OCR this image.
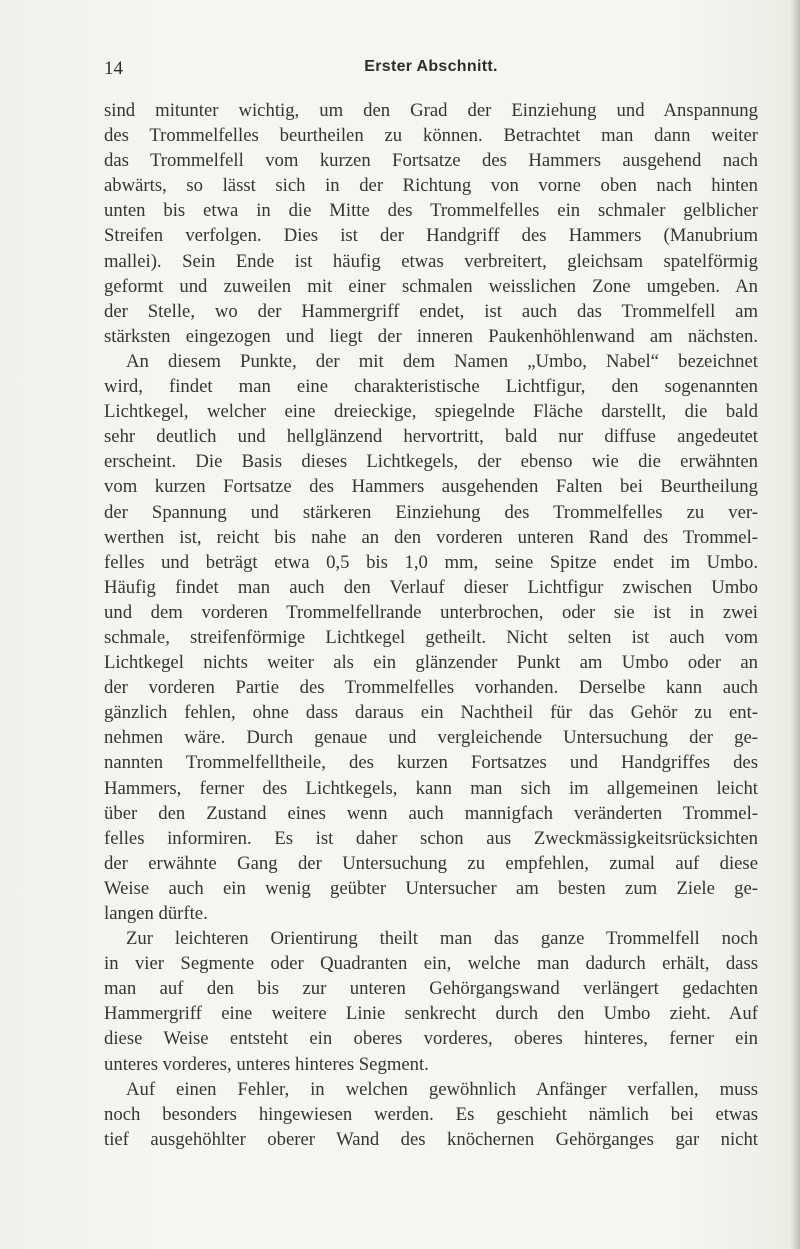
14	Erster Abschnitt.
sind mitunter wichtig, um den Grad der Einziehung und Anspannung
des Trommelfelles beurtheilen zu können. Betrachtet man dann weiter
das Trommelfell vom kurzen Fortsatze des Hammers ausgehend nach
abwärts, so lässt sich in der Richtung von vorne oben nach hinten
unten bis etwa in die Mitte des Trommelfelles ein schmaler gelblicher
Streifen verfolgen. Dies ist der Handgriff des Hammers (Manubrium
mallei). Sein Ende ist häufig etwas verbreitert, gleichsam spatelförmig
geformt und zuweilen mit einer schmalen weisslichen Zone umgeben. An
der Stelle, wo der Hammergriff endet, ist auch das Trommelfell am
stärksten eingezogen und liegt der inneren Paukenhöhlenwand am nächsten.
An diesem Punkte, der mit dem Namen „Umbo, Nabel“ bezeichnet
wird, findet man eine charakteristische Lichtfigur, den sogenannten
Lichtkegel, welcher eine dreieckige, spiegelnde Fläche darstellt, die bald
sehr deutlich und hellglänzend hervortritt, bald nur diffuse angedeutet
erscheint. Die Basis dieses Lichtkegels, der ebenso wie die erwähnten
vom kurzen Fortsatze des Hammers ausgehenden Falten bei Beurtheilung
der Spannung und stärkeren Einziehung des Trommelfelles zu ver-
werthen ist, reicht bis nahe an den vorderen unteren Rand des Trommel-
felles und beträgt etwa 0,5 bis 1,0 mm, seine Spitze endet im Umbo.
Häufig findet man auch den Verlauf dieser Lichtfigur zwischen Umbo
und dem vorderen Trommelfellrande unterbrochen, oder sie ist in zwei
schmale, streifenförmige Lichtkegel getheilt. Nicht selten ist auch vom
Lichtkegel nichts weiter als ein glänzender Punkt am Umbo oder an
der vorderen Partie des Trommelfelles vorhanden. Derselbe kann auch
gänzlich fehlen, ohne dass daraus ein Nachtheil für das Gehör zu ent-
nehmen wäre. Durch genaue und vergleichende Untersuchung der ge-
nannten Trommelfelltheile, des kurzen Fortsatzes und Handgriffes des
Hammers, ferner des Lichtkegels, kann man sich im allgemeinen leicht
über den Zustand eines wenn auch mannigfach veränderten Trommel-
felles informiren. Es ist daher schon aus Zweckmässigkeitsrücksichten
der erwähnte Gang der Untersuchung zu empfehlen, zumal auf diese
Weise auch ein wenig geübter Untersucher am besten zum Ziele ge-
langen dürfte.
Zur leichteren Orientirung theilt man das ganze Trommelfell noch
in vier Segmente oder Quadranten ein, welche man dadurch erhält, dass
man auf den bis zur unteren Gehörgangswand verlängert gedachten
Hammergriff eine weitere Linie senkrecht durch den Umbo zieht. Auf
diese Weise entsteht ein oberes vorderes, oberes hinteres, ferner ein
unteres vorderes, unteres hinteres Segment.
Auf einen Fehler, in welchen gewöhnlich Anfänger verfallen, muss
noch besonders hingewiesen werden. Es geschieht nämlich bei etwas
tief ausgehöhlter oberer Wand des knöchernen Gehörganges gar nicht
